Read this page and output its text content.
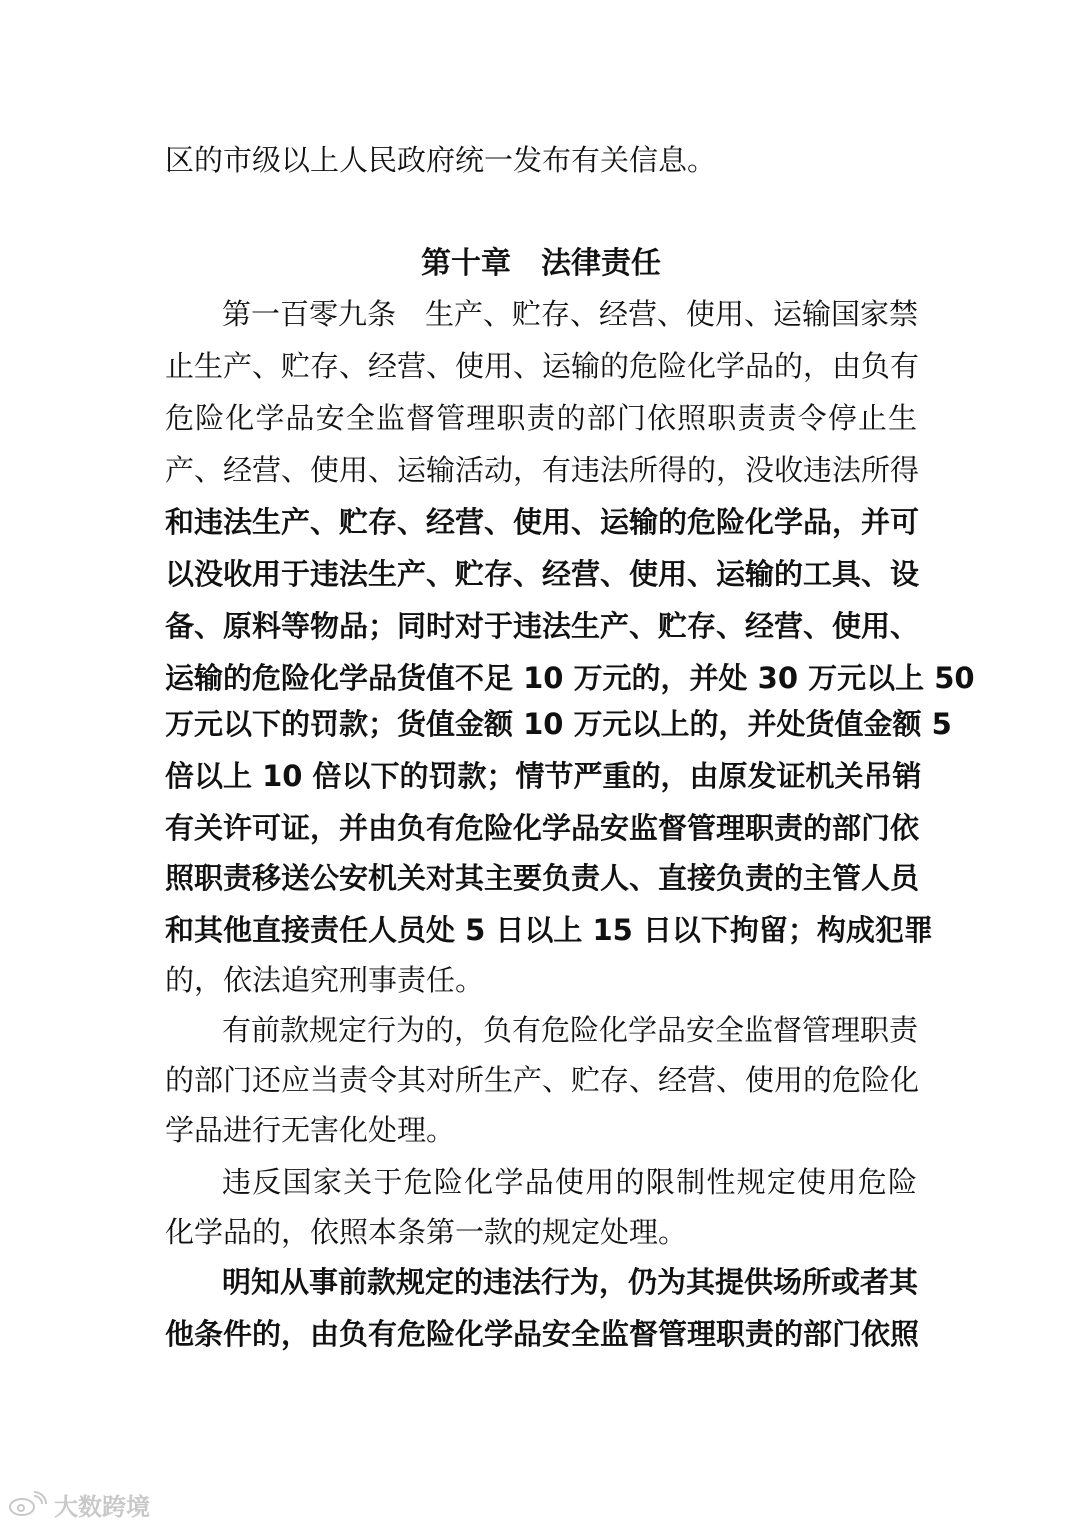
区的市级以上人民政府统一发布有关信息。
第十章　法律责任
第一百零九条　生产、贮存、经营、使用、运输国家禁
止生产、贮存、经营、使用、运输的危险化学品的，由负有
危险化学品安全监督管理职责的部门依照职责责令停止生
产、经营、使用、运输活动，有违法所得的，没收违法所得
和违法生产、贮存、经营、使用、运输的危险化学品，并可
以没收用于违法生产、贮存、经营、使用、运输的工具、设
备、原料等物品；同时对于违法生产、贮存、经营、使用、
运输的危险化学品货值不足 10 万元的，并处 30 万元以上 50
万元以下的罚款；货值金额 10 万元以上的，并处货值金额 5
倍以上 10 倍以下的罚款；情节严重的，由原发证机关吊销
有关许可证，并由负有危险化学品安监督管理职责的部门依
照职责移送公安机关对其主要负责人、直接负责的主管人员
和其他直接责任人员处 5 日以上 15 日以下拘留；构成犯罪
的，依法追究刑事责任。
有前款规定行为的，负有危险化学品安全监督管理职责
的部门还应当责令其对所生产、贮存、经营、使用的危险化
学品进行无害化处理。
违反国家关于危险化学品使用的限制性规定使用危险
化学品的，依照本条第一款的规定处理。
明知从事前款规定的违法行为，仍为其提供场所或者其
他条件的，由负有危险化学品安全监督管理职责的部门依照
大数跨境
